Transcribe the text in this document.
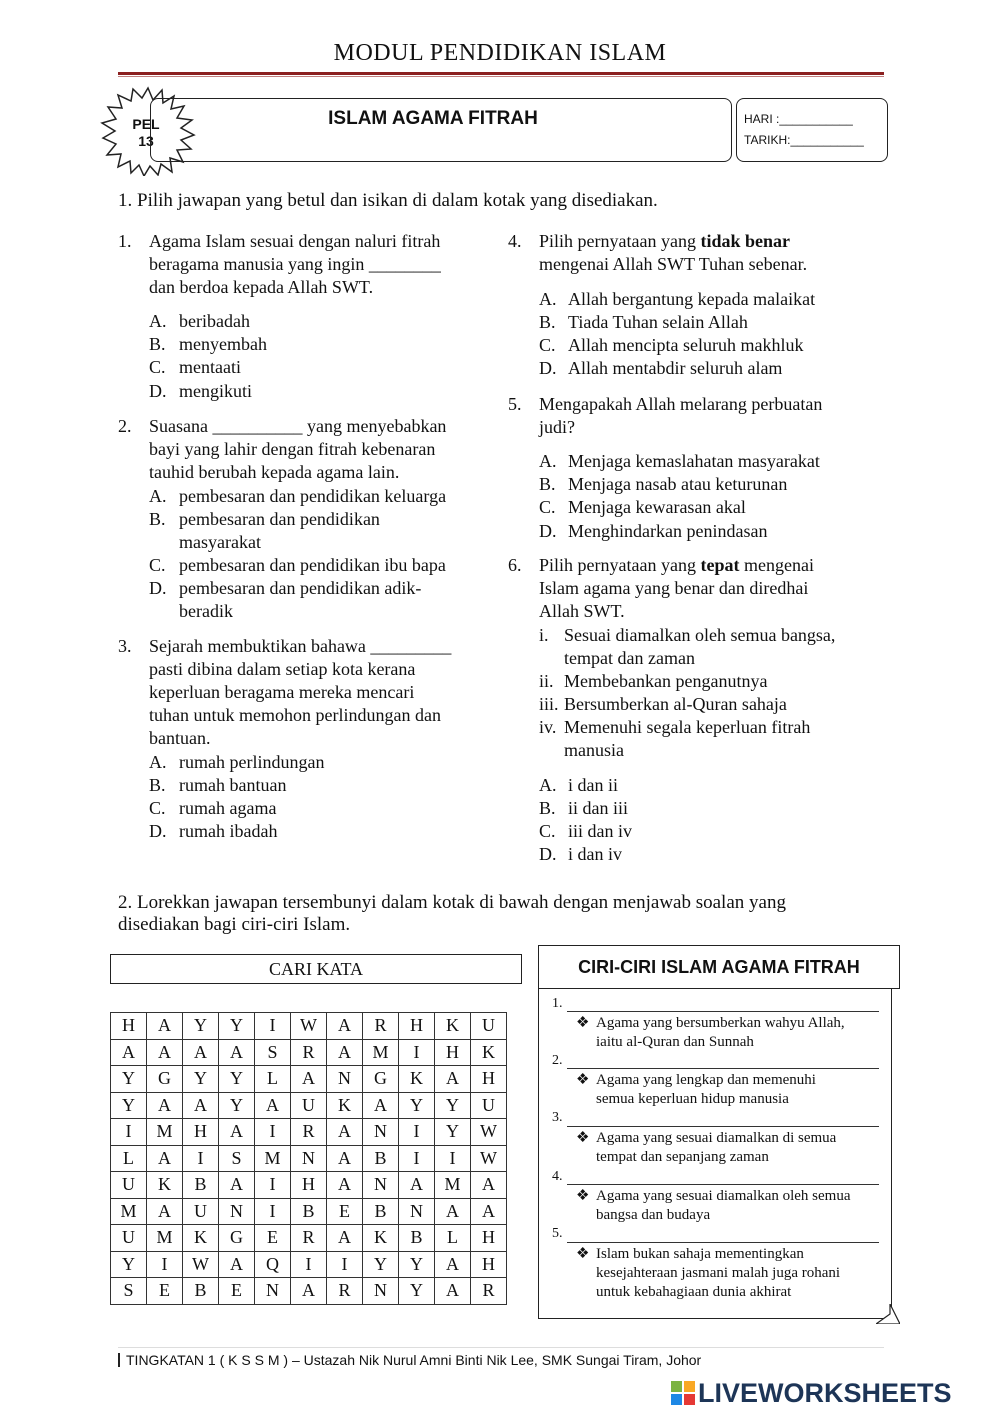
MODUL PENDIDIKAN ISLAM
PEL
13
ISLAM AGAMA FITRAH	HARI :___________
TARIKH:___________
1. Pilih jawapan yang betul dan isikan di dalam kotak yang disediakan.
1. Agama Islam sesuai dengan naluri fitrah
beragama manusia yang ingin ________
dan berdoa kepada Allah SWT.
A. beribadah
B. menyembah
C. mentaati
D. mengikuti
2. Suasana __________ yang menyebabkan
bayi yang lahir dengan fitrah kebenaran
tauhid berubah kepada agama lain.
A. pembesaran dan pendidikan keluarga
B. pembesaran dan pendidikan
masyarakat
C. pembesaran dan pendidikan ibu bapa
D. pembesaran dan pendidikan adik-
beradik
3. Sejarah membuktikan bahawa _________
pasti dibina dalam setiap kota kerana
keperluan beragama mereka mencari
tuhan untuk memohon perlindungan dan
bantuan.
A. rumah perlindungan
B. rumah bantuan
C. rumah agama
D. rumah ibadah
4. Pilih pernyataan yang tidak benar
mengenai Allah SWT Tuhan sebenar.
A. Allah bergantung kepada malaikat
B. Tiada Tuhan selain Allah
C. Allah mencipta seluruh makhluk
D. Allah mentabdir seluruh alam
5. Mengapakah Allah melarang perbuatan
judi?
A. Menjaga kemaslahatan masyarakat
B. Menjaga nasab atau keturunan
C. Menjaga kewarasan akal
D. Menghindarkan penindasan
6. Pilih pernyataan yang tepat mengenai
Islam agama yang benar dan diredhai
Allah SWT.
i. Sesuai diamalkan oleh semua bangsa,
tempat dan zaman
ii. Membebankan penganutnya
iii. Bersumberkan al-Quran sahaja
iv. Memenuhi segala keperluan fitrah
manusia
A. i dan ii
B. ii dan iii
C. iii dan iv
D. i dan iv
2. Lorekkan jawapan tersembunyi dalam kotak di bawah dengan menjawab soalan yang
disediakan bagi ciri-ciri Islam.
CARI KATA
H	A	Y	Y	I	W	A	R	H	K	U
A	A	A	A	S	R	A	M	I	H	K
Y	G	Y	Y	L	A	N	G	K	A	H
Y	A	A	Y	A	U	K	A	Y	Y	U
I	M	H	A	I	R	A	N	I	Y	W
L	A	I	S	M	N	A	B	I	I	W
U	K	B	A	I	H	A	N	A	M	A
M	A	U	N	I	B	E	B	N	A	A
U	M	K	G	E	R	A	K	B	L	H
Y	I	W	A	Q	I	I	Y	Y	A	H
S	E	B	E	N	A	R	N	Y	A	R
CIRI-CIRI ISLAM AGAMA FITRAH
1.
❖ Agama yang bersumberkan wahyu Allah,
iaitu al-Quran dan Sunnah
2.
❖ Agama yang lengkap dan memenuhi
semua keperluan hidup manusia
3.
❖ Agama yang sesuai diamalkan di semua
tempat dan sepanjang zaman
4.
❖ Agama yang sesuai diamalkan oleh semua
bangsa dan budaya
5.
❖ Islam bukan sahaja mementingkan
kesejahteraan jasmani malah juga rohani
untuk kebahagiaan dunia akhirat
TINGKATAN 1 ( K S S M ) – Ustazah Nik Nurul Amni Binti Nik Lee, SMK Sungai Tiram, Johor
LIVEWORKSHEETS
